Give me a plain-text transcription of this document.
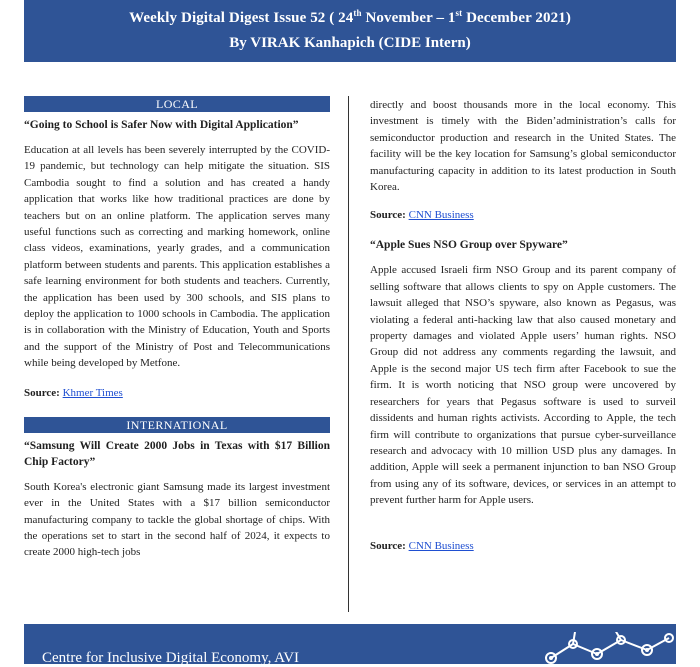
Weekly Digital Digest Issue 52 ( 24th November – 1st December 2021)
By VIRAK Kanhapich (CIDE Intern)
LOCAL
“Going to School is Safer Now with Digital Application”

Education at all levels has been severely interrupted by the COVID-19 pandemic, but technology can help mitigate the situation. SIS Cambodia sought to find a solution and has created a handy application that works like how traditional practices are done by teachers but on an online platform. The application serves many useful functions such as correcting and marking homework, online class videos, examinations, yearly grades, and a communication platform between students and parents. This application establishes a safe learning environment for both students and teachers. Currently, the application has been used by 300 schools, and SIS plans to deploy the application to 1000 schools in Cambodia. The application is in collaboration with the Ministry of Education, Youth and Sports and the support of the Ministry of Post and Telecommunications while being developed by Metfone.

Source: Khmer Times
INTERNATIONAL
“Samsung Will Create 2000 Jobs in Texas with $17 Billion Chip Factory”

South Korea's electronic giant Samsung made its largest investment ever in the United States with a $17 billion semiconductor manufacturing company to tackle the global shortage of chips. With the operations set to start in the second half of 2024, it expects to create 2000 high-tech jobs

directly and boost thousands more in the local economy. This investment is timely with the Biden’administration’s calls for semiconductor production and research in the United States. The facility will be the key location for Samsung’s global semiconductor manufacturing capacity in addition to its latest production in South Korea.

Source: CNN Business
“Apple Sues NSO Group over Spyware”

Apple accused Israeli firm NSO Group and its parent company of selling software that allows clients to spy on Apple customers. The lawsuit alleged that NSO’s spyware, also known as Pegasus, was violating a federal anti-hacking law that also caused monetary and property damages and violated Apple users’ human rights. NSO Group did not address any comments regarding the lawsuit, and Apple is the second major US tech firm after Facebook to sue the firm. It is worth noticing that NSO group were uncovered by researchers for years that Pegasus software is used to surveil dissidents and human rights activists. According to Apple, the tech firm will contribute to organizations that pursue cyber-surveillance research and advocacy with 10 million USD plus any damages. In addition, Apple will seek a permanent injunction to ban NSO Group from using any of its software, devices, or services in an attempt to prevent further harm for Apple users.

Source: CNN Business
Centre for Inclusive Digital Economy, AVI
